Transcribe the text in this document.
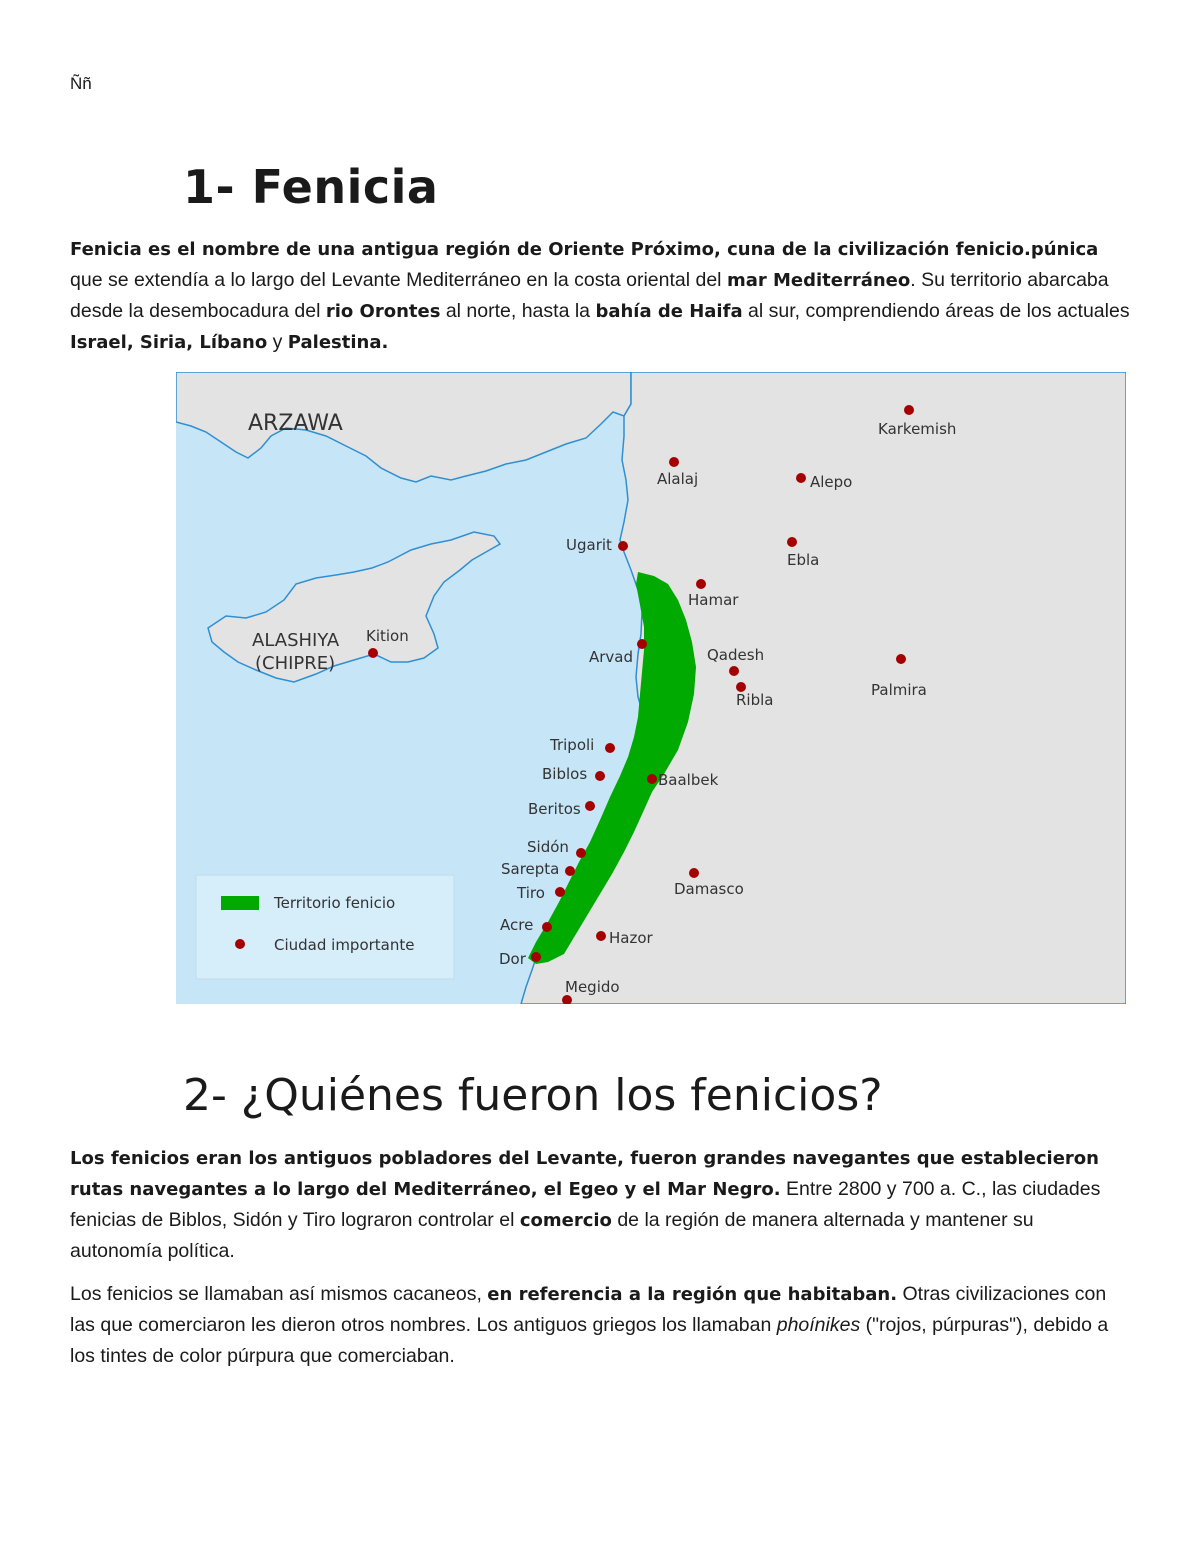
Ññ
1- Fenicia

Fenicia es el nombre de una antigua región de Oriente Próximo, cuna de la civilización fenicio.púnica que se extendía a lo largo del Levante Mediterráneo en la costa oriental del mar Mediterráneo. Su territorio abarcaba desde la desembocadura del rio Orontes al norte, hasta la bahía de Haifa al sur, comprendiendo áreas de los actuales Israel, Siria, Líbano y Palestina.

Territorio fenicio
Ciudad importante
ARZAWA
ALASHIYA
(CHIPRE)
Karkemish
Alalaj	Alepo
Ugarit
Ebla
Hamar
Kition
Arvad	Qadesh
Ribla
Palmira
Tripoli
Biblos	Baalbek
Beritos
Sidón
Sarepta
Tiro	Damasco
Acre
Hazor
Dor
Megido
2- ¿Quiénes fueron los fenicios?

Los fenicios eran los antiguos pobladores del Levante, fueron grandes navegantes que establecieron rutas navegantes a lo largo del Mediterráneo, el Egeo y el Mar Negro. Entre 2800 y 700 a. C., las ciudades fenicias de Biblos, Sidón y Tiro lograron controlar el comercio de la región de manera alternada y mantener su autonomía política.

Los fenicios se llamaban así mismos cacaneos, en referencia a la región que habitaban. Otras civilizaciones con las que comerciaron les dieron otros nombres. Los antiguos griegos los llamaban phoínikes ("rojos, púrpuras"), debido a los tintes de color púrpura que comerciaban.
